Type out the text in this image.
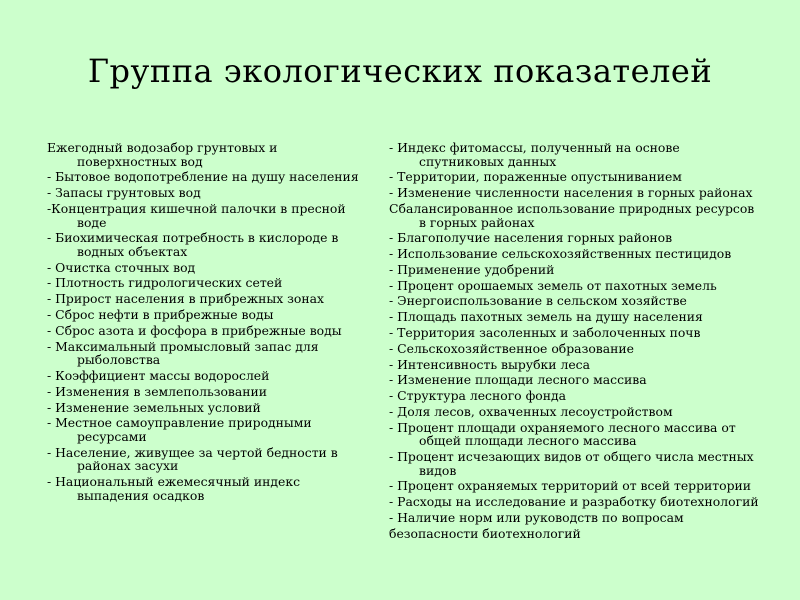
Группа экологических показателей
Ежегодный водозабор грунтовых и поверхностных вод
- Бытовое водопотребление на душу населения
- Запасы грунтовых вод
-Концентрация кишечной палочки в пресной воде
- Биохимическая потребность в кислороде в водных объектах
- Очистка сточных вод
- Плотность гидрологических сетей
- Прирост населения в прибрежных зонах
- Сброс нефти в прибрежные воды
- Сброс азота и фосфора в прибрежные воды
- Максимальный промысловый запас для рыболовства
- Коэффициент массы водорослей
- Изменения в землепользовании
- Изменение земельных условий
- Местное самоуправление природными ресурсами
- Население, живущее за чертой бедности в районах засухи
- Национальный ежемесячный индекс выпадения осадков
- Индекс фитомассы, полученный на основе спутниковых данных
- Территории, пораженные опустыниванием
- Изменение численности населения в горных районах
Сбалансированное использование природных ресурсов в горных районах
- Благополучие населения горных районов
- Использование сельскохозяйственных пестицидов
- Применение удобрений
- Процент орошаемых земель от пахотных земель
- Энергоиспользование в сельском хозяйстве
- Площадь пахотных земель на душу населения
- Территория засоленных и заболоченных почв
- Сельскохозяйственное образование
- Интенсивность вырубки леса
- Изменение площади лесного массива
- Структура лесного фонда
- Доля лесов, охваченных лесоустройством
- Процент площади охраняемого лесного массива от общей площади лесного массива
- Процент исчезающих видов от общего числа местных видов
- Процент охраняемых территорий от всей территории
- Расходы на исследование и разработку биотехнологий
- Наличие норм или руководств по вопросам
безопасности биотехнологий
